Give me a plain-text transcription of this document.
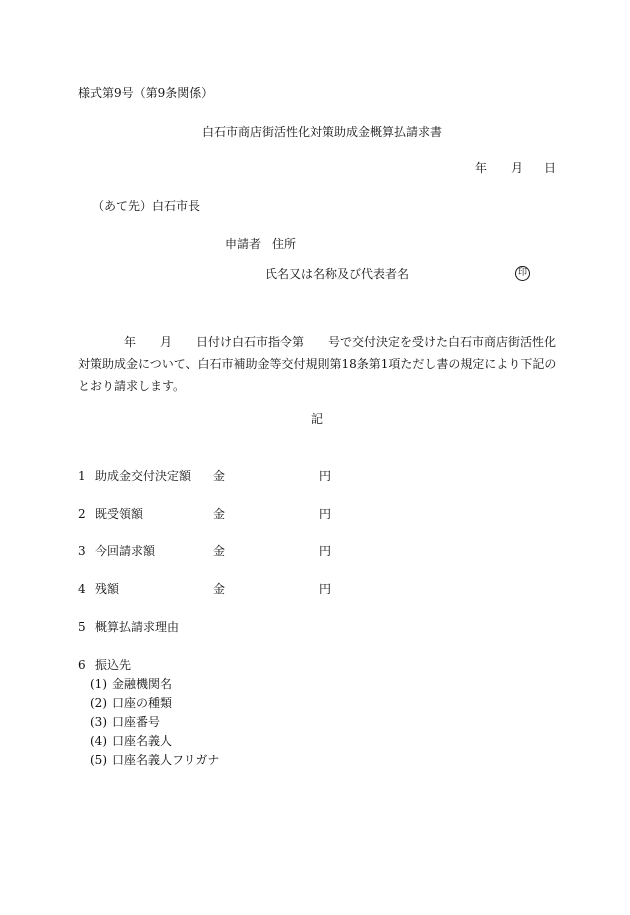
様式第9号（第9条関係）
白石市商店街活性化対策助成金概算払請求書
年 月 日
（あて先）白石市長
申請者 住所
氏名又は名称及び代表者名	印
年　　月　　日付け白石市指令第　　号で交付決定を受けた白石市商店街活性化対策助成金について、白石市補助金等交付規則第18条第1項ただし書の規定により下記のとおり請求します。
記
1 助成金交付決定額 金	円
2 既受領額	金	円
3 今回請求額	金	円
4 残額	金	円
5 概算払請求理由
6 振込先
(1) 金融機関名
(2) 口座の種類
(3) 口座番号
(4) 口座名義人
(5) 口座名義人フリガナ
